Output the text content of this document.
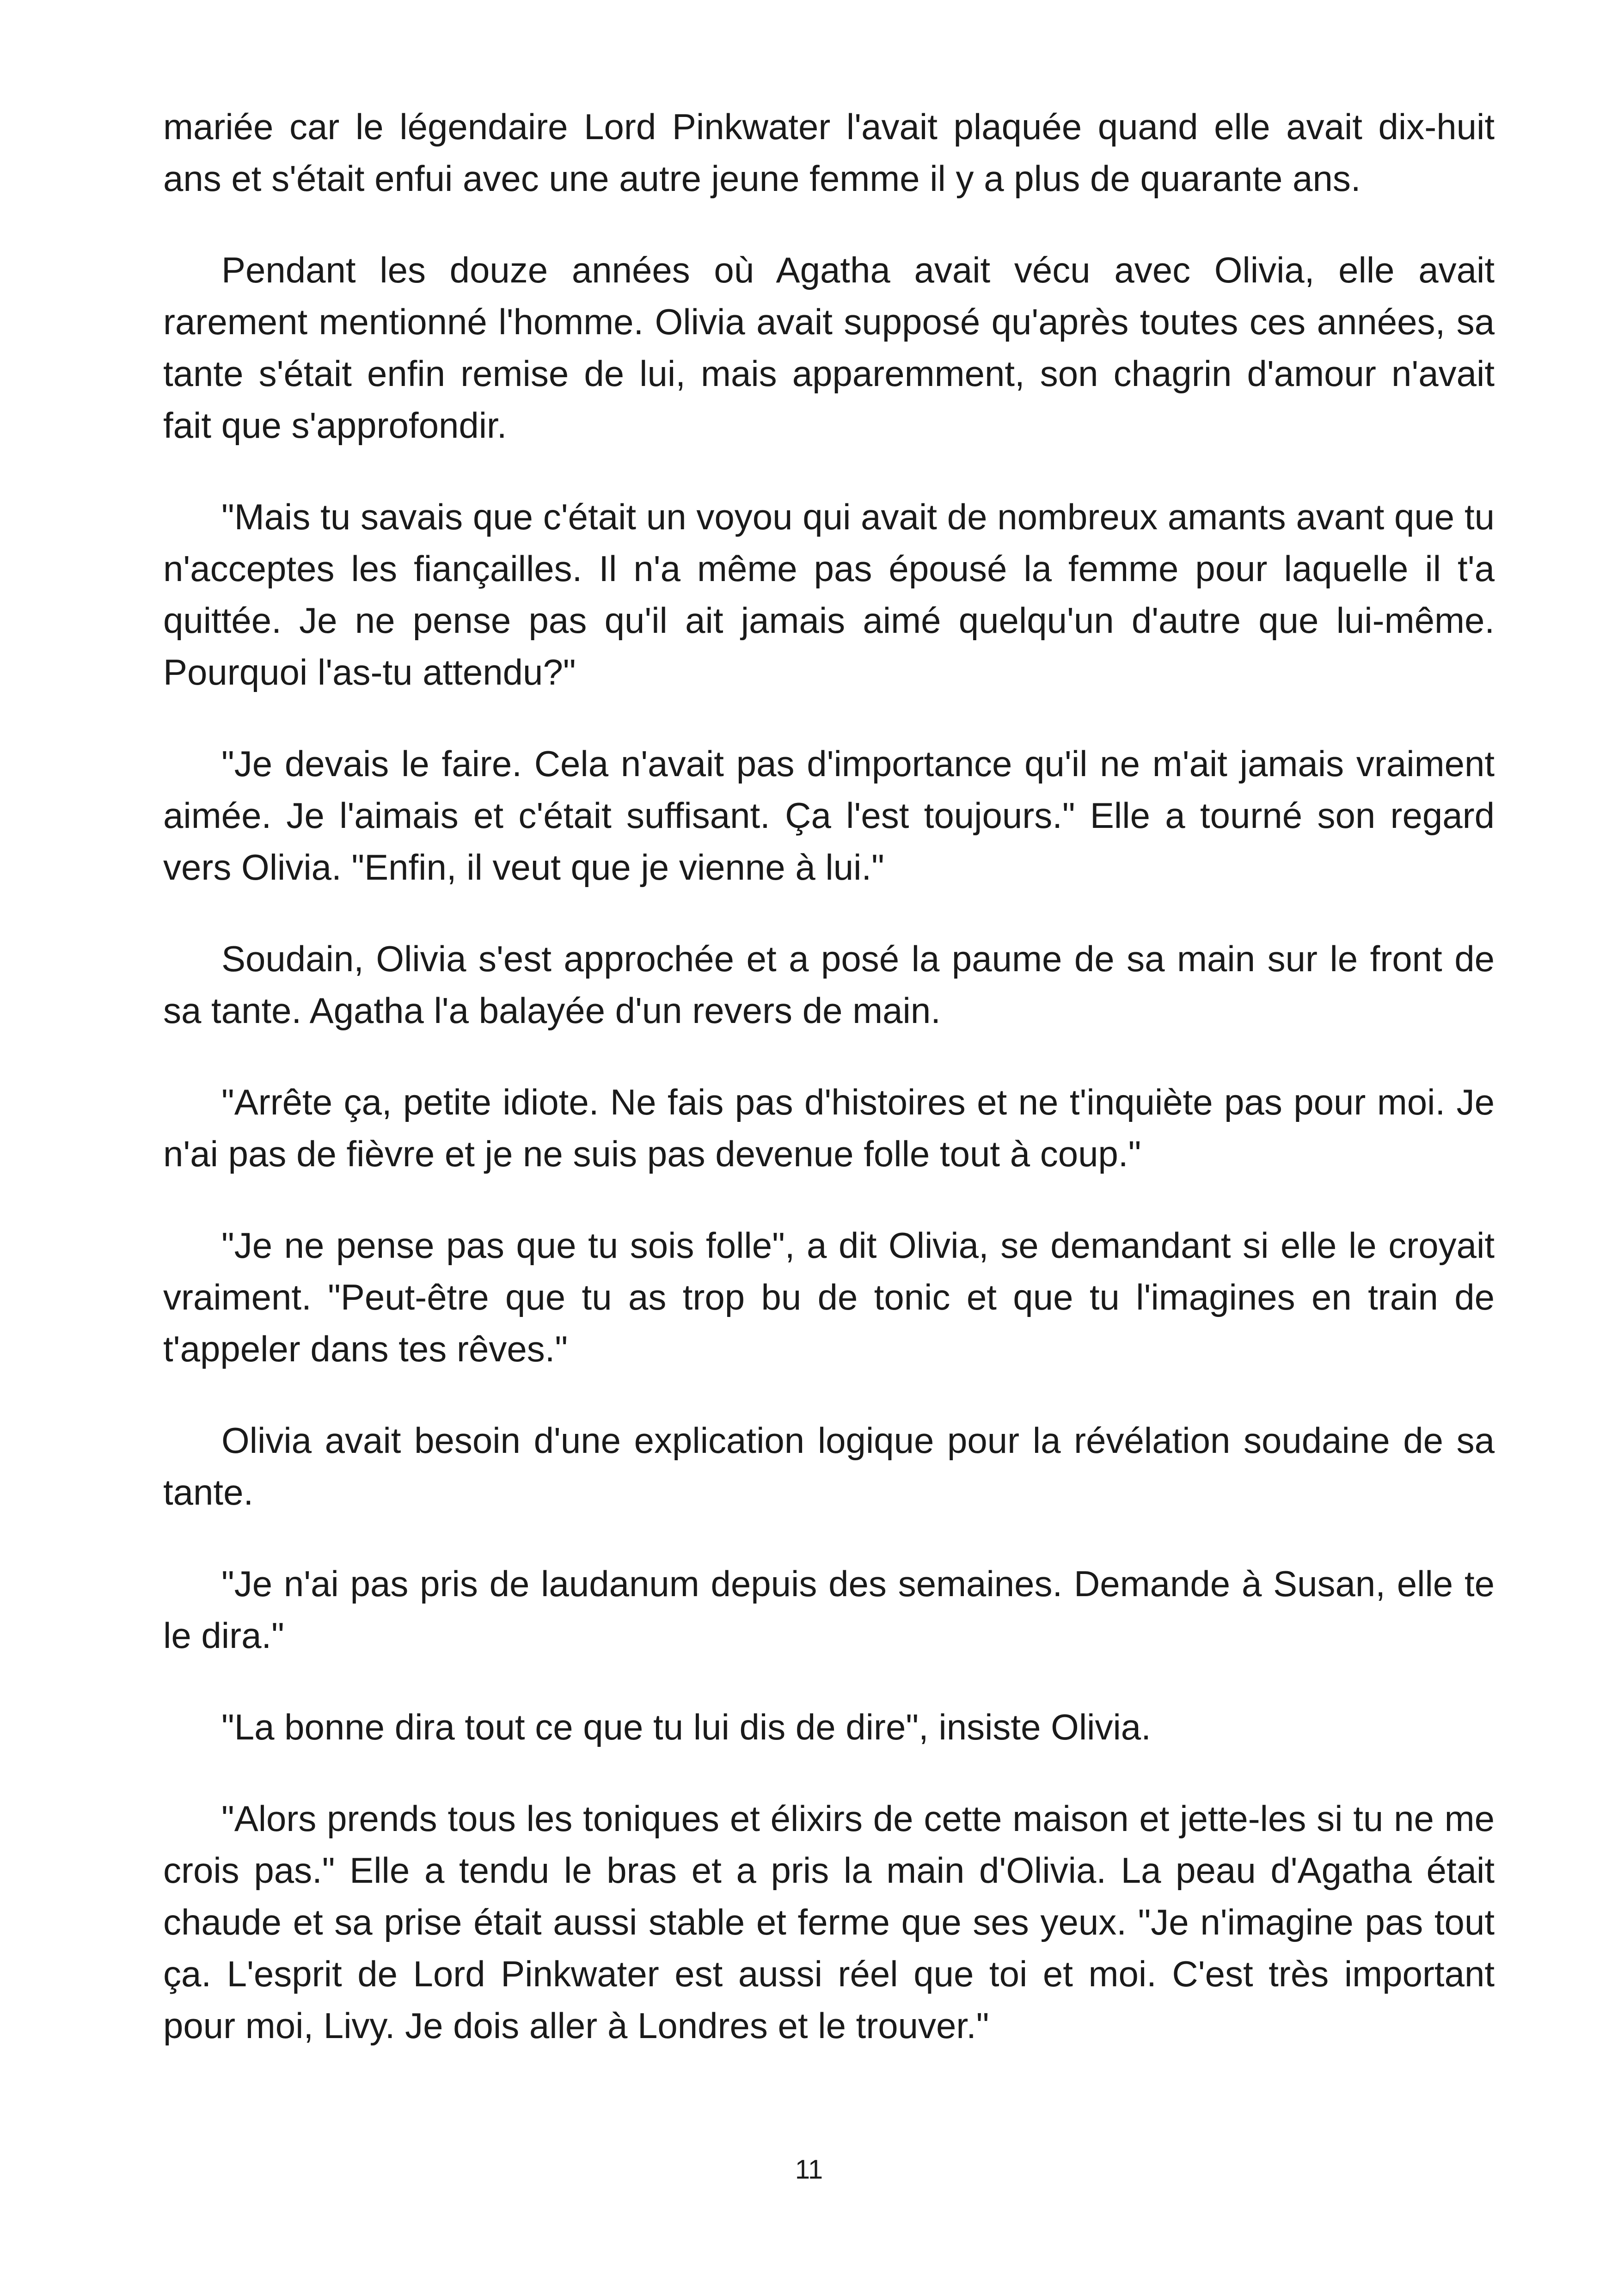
mariée car le légendaire Lord Pinkwater l'avait plaquée quand elle avait dix-huit ans et s'était enfui avec une autre jeune femme il y a plus de quarante ans.

Pendant les douze années où Agatha avait vécu avec Olivia, elle avait rarement mentionné l'homme. Olivia avait supposé qu'après toutes ces années, sa tante s'était enfin remise de lui, mais apparemment, son chagrin d'amour n'avait fait que s'approfondir.

"Mais tu savais que c'était un voyou qui avait de nombreux amants avant que tu n'acceptes les fiançailles. Il n'a même pas épousé la femme pour laquelle il t'a quittée. Je ne pense pas qu'il ait jamais aimé quelqu'un d'autre que lui-même. Pourquoi l'as-tu attendu?"

"Je devais le faire. Cela n'avait pas d'importance qu'il ne m'ait jamais vraiment aimée. Je l'aimais et c'était suffisant. Ça l'est toujours." Elle a tourné son regard vers Olivia. "Enfin, il veut que je vienne à lui."

Soudain, Olivia s'est approchée et a posé la paume de sa main sur le front de sa tante. Agatha l'a balayée d'un revers de main.

"Arrête ça, petite idiote. Ne fais pas d'histoires et ne t'inquiète pas pour moi. Je n'ai pas de fièvre et je ne suis pas devenue folle tout à coup."

"Je ne pense pas que tu sois folle", a dit Olivia, se demandant si elle le croyait vraiment. "Peut-être que tu as trop bu de tonic et que tu l'imagines en train de t'appeler dans tes rêves."

Olivia avait besoin d'une explication logique pour la révélation soudaine de sa tante.

"Je n'ai pas pris de laudanum depuis des semaines. Demande à Susan, elle te le dira."

"La bonne dira tout ce que tu lui dis de dire", insiste Olivia.

"Alors prends tous les toniques et élixirs de cette maison et jette-les si tu ne me crois pas." Elle a tendu le bras et a pris la main d'Olivia. La peau d'Agatha était chaude et sa prise était aussi stable et ferme que ses yeux. "Je n'imagine pas tout ça. L'esprit de Lord Pinkwater est aussi réel que toi et moi. C'est très important pour moi, Livy. Je dois aller à Londres et le trouver."

11
